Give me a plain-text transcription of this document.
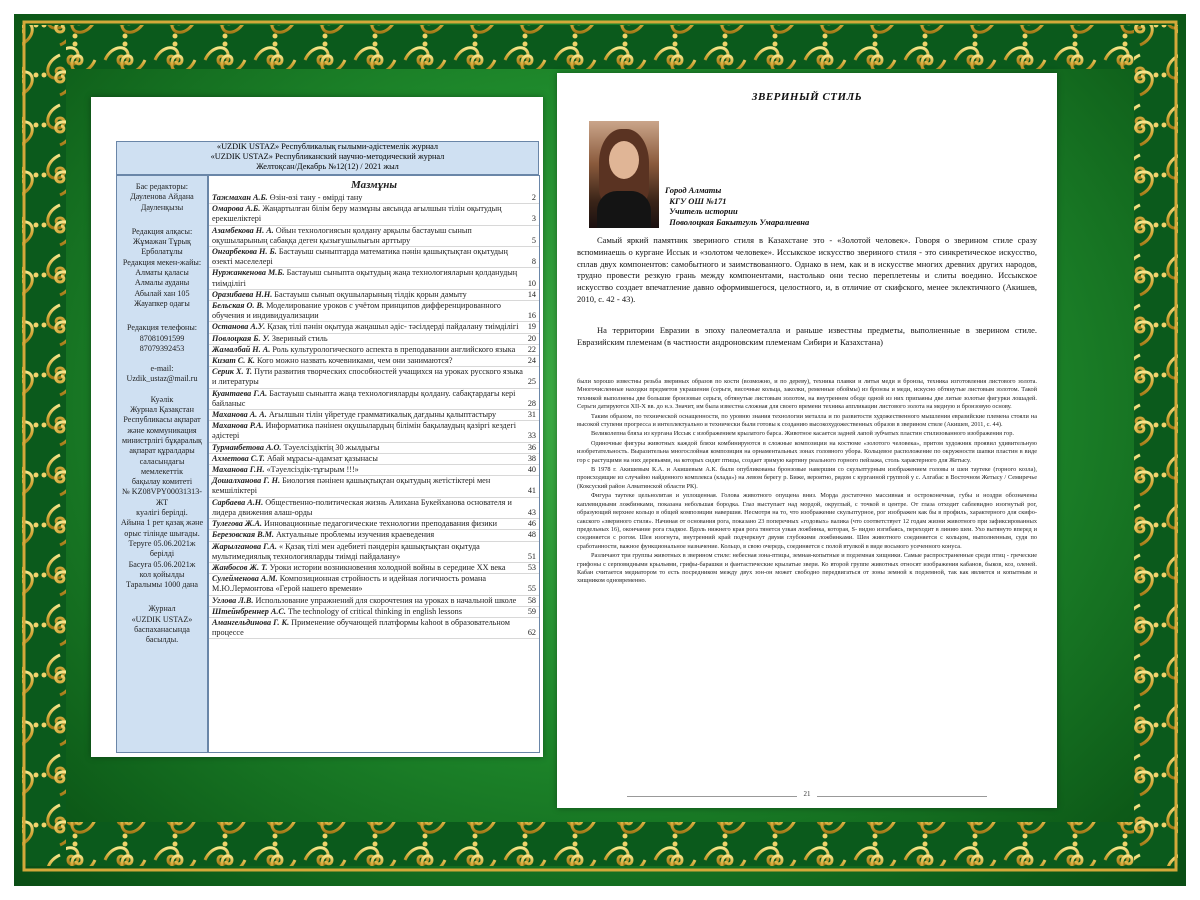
«UZDIK USTAZ» Республикалық ғылыми-әдістемелік журнал
«UZDIK USTAZ» Республиканский научно-методический журнал
Желтоқсан/Декабрь №12(12) / 2021 жыл

Бас редакторы:
Дауленова Айдана
Дауленқызы

Редакция алқасы:
Жұмажан Тұрық
Ерболатұлы
Редакция мекен-жайы:
Алматы қаласы
Алмалы ауданы
Абылай хан 105
Жауапкер одағы

Редакция телефоны:
87081091599
87079392453

e-mail:
Uzdik_ustaz@mail.ru

Куәлік
Журнал Қазақстан
Республикасы ақпарат
және коммуникация
министрлігі бұқаралық
ақпарат құралдары
салаcындағы мемлекеттік
бақылау комитеті
№ KZ08VPY00031313- ЖТ
куәлігі берілді.
Айына 1 рет қазақ және
орыс тілінде шығады.
Теруге 05.06.2021ж
берілді
Басуға 05.06.2021ж
кол қойылды
Таралымы 1000 дана

Журнал
«UZDIK USTAZ»
баспаханасында
басылды.

Мазмұны
Тажмахан А.Б. Өзін-өзі тану - өмірді тану	2
Омарова А.Б. Жаңартылған білім беру мазмұны аясында ағылшын тілін оқытудың ерекшеліктері	3
Азамбекова Н. А. Ойын технологиясын қолдану арқылы бастауыш сынып оқушыларының сабаққа деген қызығушылығын арттыру	5
Онгарбекова Н. Б. Бастауыш сыныптарда математика пәнін қашықтықтан оқытудың өзекті мәселелері	8
Нуржанкенова М.Б. Бастауыш сыныпта оқытудың жаңа технологияларын қолданудың тиімділігі	10
Оразибаева Н.Н. Бастауыш сынып оқушыларының тілдік қорын дамыту	14
Бельская О. В. Моделирование уроков с учётом принципов дифференцированного обучения и индивидуализации	16
Останова А.У. Қазақ тілі пәнін оқытуда жаңашыл әдіс- тәсілдерді пайдалану тиімділігі 19
Повлоцкая Б. У. Звериный стиль	20
Жамалбай Н. А. Роль культурологического аспекта в преподавании английского языка 22
Кизат С. К. Кого можно назвать кочевниками, чем они занимаются?	24
Серик Х. Т. Пути развития творческих способностей учащихся на уроках русского языка и литературы	25
Куантаева Г.А. Бастауыш сыныпта жаңа технологияларды қолдану. сабақтардағы кері байланыс	28
Маханова А. А. Ағылшын тілін үйретуде грамматикалық дағдыны қалыптастыру	31
Маханова Р.А. Информатика пәнінен оқушылардың білімін бақылаудың қазіргі кездегі әдістері	33
Турманбетова А.О. Тәуелсіздіктің 30 жылдығы	36
Ахметова С.Т. Абай мұрасы-адамзат қазынасы	38
Маханова Г.Н. «Тәуелсіздік-тұғырым !!!»	40
Дошалханова Г. Н. Биология пәнінен қашықтықтан оқытудың жетістіктері мен кемшіліктері	41
Сарбаева А.Н. Общественно-политическая жизнь Алихана Букейханова основателя и лидера движения алаш-орды	43
Тулегова Ж.А. Инновационные педагогические технологии преподавания физики	46
Березовская В.М. Актуальные проблемы изучения краеведения	48
Жарылганова Г.А. « Қазақ тілі мен әдебиеті пәндерін қашықтықтан оқытуда мультимедиялық технологияларды тиімді пайдалану»	51
Жанбосов Ж. Т. Уроки истории возникновения холодной войны в середине XX века	53
Сулейменова А.М. Композиционная стройность и идейная логичность романа М.Ю.Лермонтова «Герой нашего времени»	55
Углова Л.В. Использование упражнений для скорочтения на уроках в начальной школе 58
Штейнбреннер А.С. The technology of critical thinking in english lessons	59
Амангельдинова Г. К. Применение обучающей платформы kahoot в образовательном процессе	62
ЗВЕРИНЫЙ СТИЛЬ
Город Алматы
КГУ ОШ №171
Учитель истории
Поволоцкая Бакытгуль Умаралиевна

Самый яркий памятник звериного стиля в Казахстане это - «Золотой человек». Говоря о зверином стиле сразу вспоминаешь о кургане Иссык и «золотом человеке». Иссыкское искусство звериного стиля - это синкретическое искусство, сплав двух компонентов: самобытного и заимствованного. Однако в нем, как и в искусстве многих древних других народов, трудно провести резкую грань между компонентами, настолько они тесно переплетены и слиты воедино. Иссыкское искусство создает впечатление давно оформившегося, целостного, и, в отличие от скифского, менее эклектичного (Акишев, 2010, с. 42 - 43).

На территории Евразии в эпоху палеометалла и раньше известны предметы, выполненные в зверином стиле. Евразийским племенам (в частности андроновским племенам Сибири и Казахстана)

были хорошо известны резьба звериных образов по кости (возможно, и по дереву), техника плавки и литья меди и бронзы, техника изготовления листового золота. Многочисленные находки предметов украшения (серьги, височные кольца, заколки, ременные обоймы) из бронзы и меди, искусно обтянутые листовым золотом. Такой техникой выполнены две большие бронзовые серьги, обтянутые листовым золотом, на внутреннем ободе одной из них припаяны две литые золотые фигурки лошадей. Серьги датируются XII-X вв. до н.э. Значит, им была известна сложная для своего времени техника аппликации листового золота на медную и бронзовую основу.

Таким образом, по технической оснащенности, по уровню знания технологии металла и по развитости художественного мышления евразийские племена стояли на высокой ступени прогресса и интеллектуально и технически были готовы к созданию высокохудожественных образов в зверином стиле (Акишев, 2011, с. 44).

Великолепна бляха из кургана Иссык с изображением крылатого барса. Животное касается задней лапой зубчатых пластин стилизованного изображения гор.

Одиночные фигуры животных каждой бляхи комбинируются в сложные композиции на костюме «золотого человека», притом художник проявил удивительную изобретательность. Выразительна многослойная композиция на орнаментальных зонах головного убора. Кольцевое расположение по окружности шапки пластин в виде гор с растущими на них деревьями, на которых сидят птицы, создает зримую картину реального горного пейзажа, столь характерного для Жетысу.

В 1978 г. Акишевым К.А. и Акишевым А.К. были опубликованы бронзовые навершия со скульптурным изображением головы и шеи таутеке (горного козла), происходящие из случайно найденного комплекса (клада») на левом берегу р. Бижe, вероятно, рядом с курганной группой у с. Алгабас в Восточном Жетысу / Семиречье (Коксуский район Алматинской области РК).

Фигура таутеке цельнолитая и уплощенная. Голова животного опущена вниз. Морда достаточно массивная и остроконечная, губы и ноздри обозначены каплевидными ложбинками, показана небольшая бородка. Глаз выступает над мордой, округлый, с точкой в центре. От глаза отходит саблевидно изогнутый рог, образующий верхнее кольцо в общей композиции навершия. Несмотря на то, что изображение скульптурное, рог изображен как бы в профиль, характерного для скифо-сакского «звериного стиля». Начиная от основания рога, показано 23 поперечных «годовых» валика (что соответствует 12 годам жизни животного при зафиксированных предельных 16), окончание рога гладкое. Вдоль нижнего края рога тянется узкая ложбинка, которая, S- видно изгибаясь, переходит в линию шеи. Ухо вытянуто вперед и соединяется с рогом. Шея изогнута, внутренний край подчеркнут двумя глубокими ложбинками. Шея животного соединяется с кольцом, выполненным, судя по сработанности, важное функциональное назначение. Кольцо, в свою очередь, соединяется с полой втулкой в виде восьмого усеченного конуса.

Различают три группы животных в зверином стиле: небесная зона-птицы, земная-копытные и подземная хищники. Самые распространенные среди птиц - греческие грифоны с серповидными крыльями, грифы-барашки и фантастические крылатые звери. Ко второй группе животных относят изображения кабанов, быков, коз, оленей. Кабан считается медиатором то есть посредником между двух зон-он может свободно передвигаться от зоны земной к подземной, так как является и копытным и хищником одновременно.

21
